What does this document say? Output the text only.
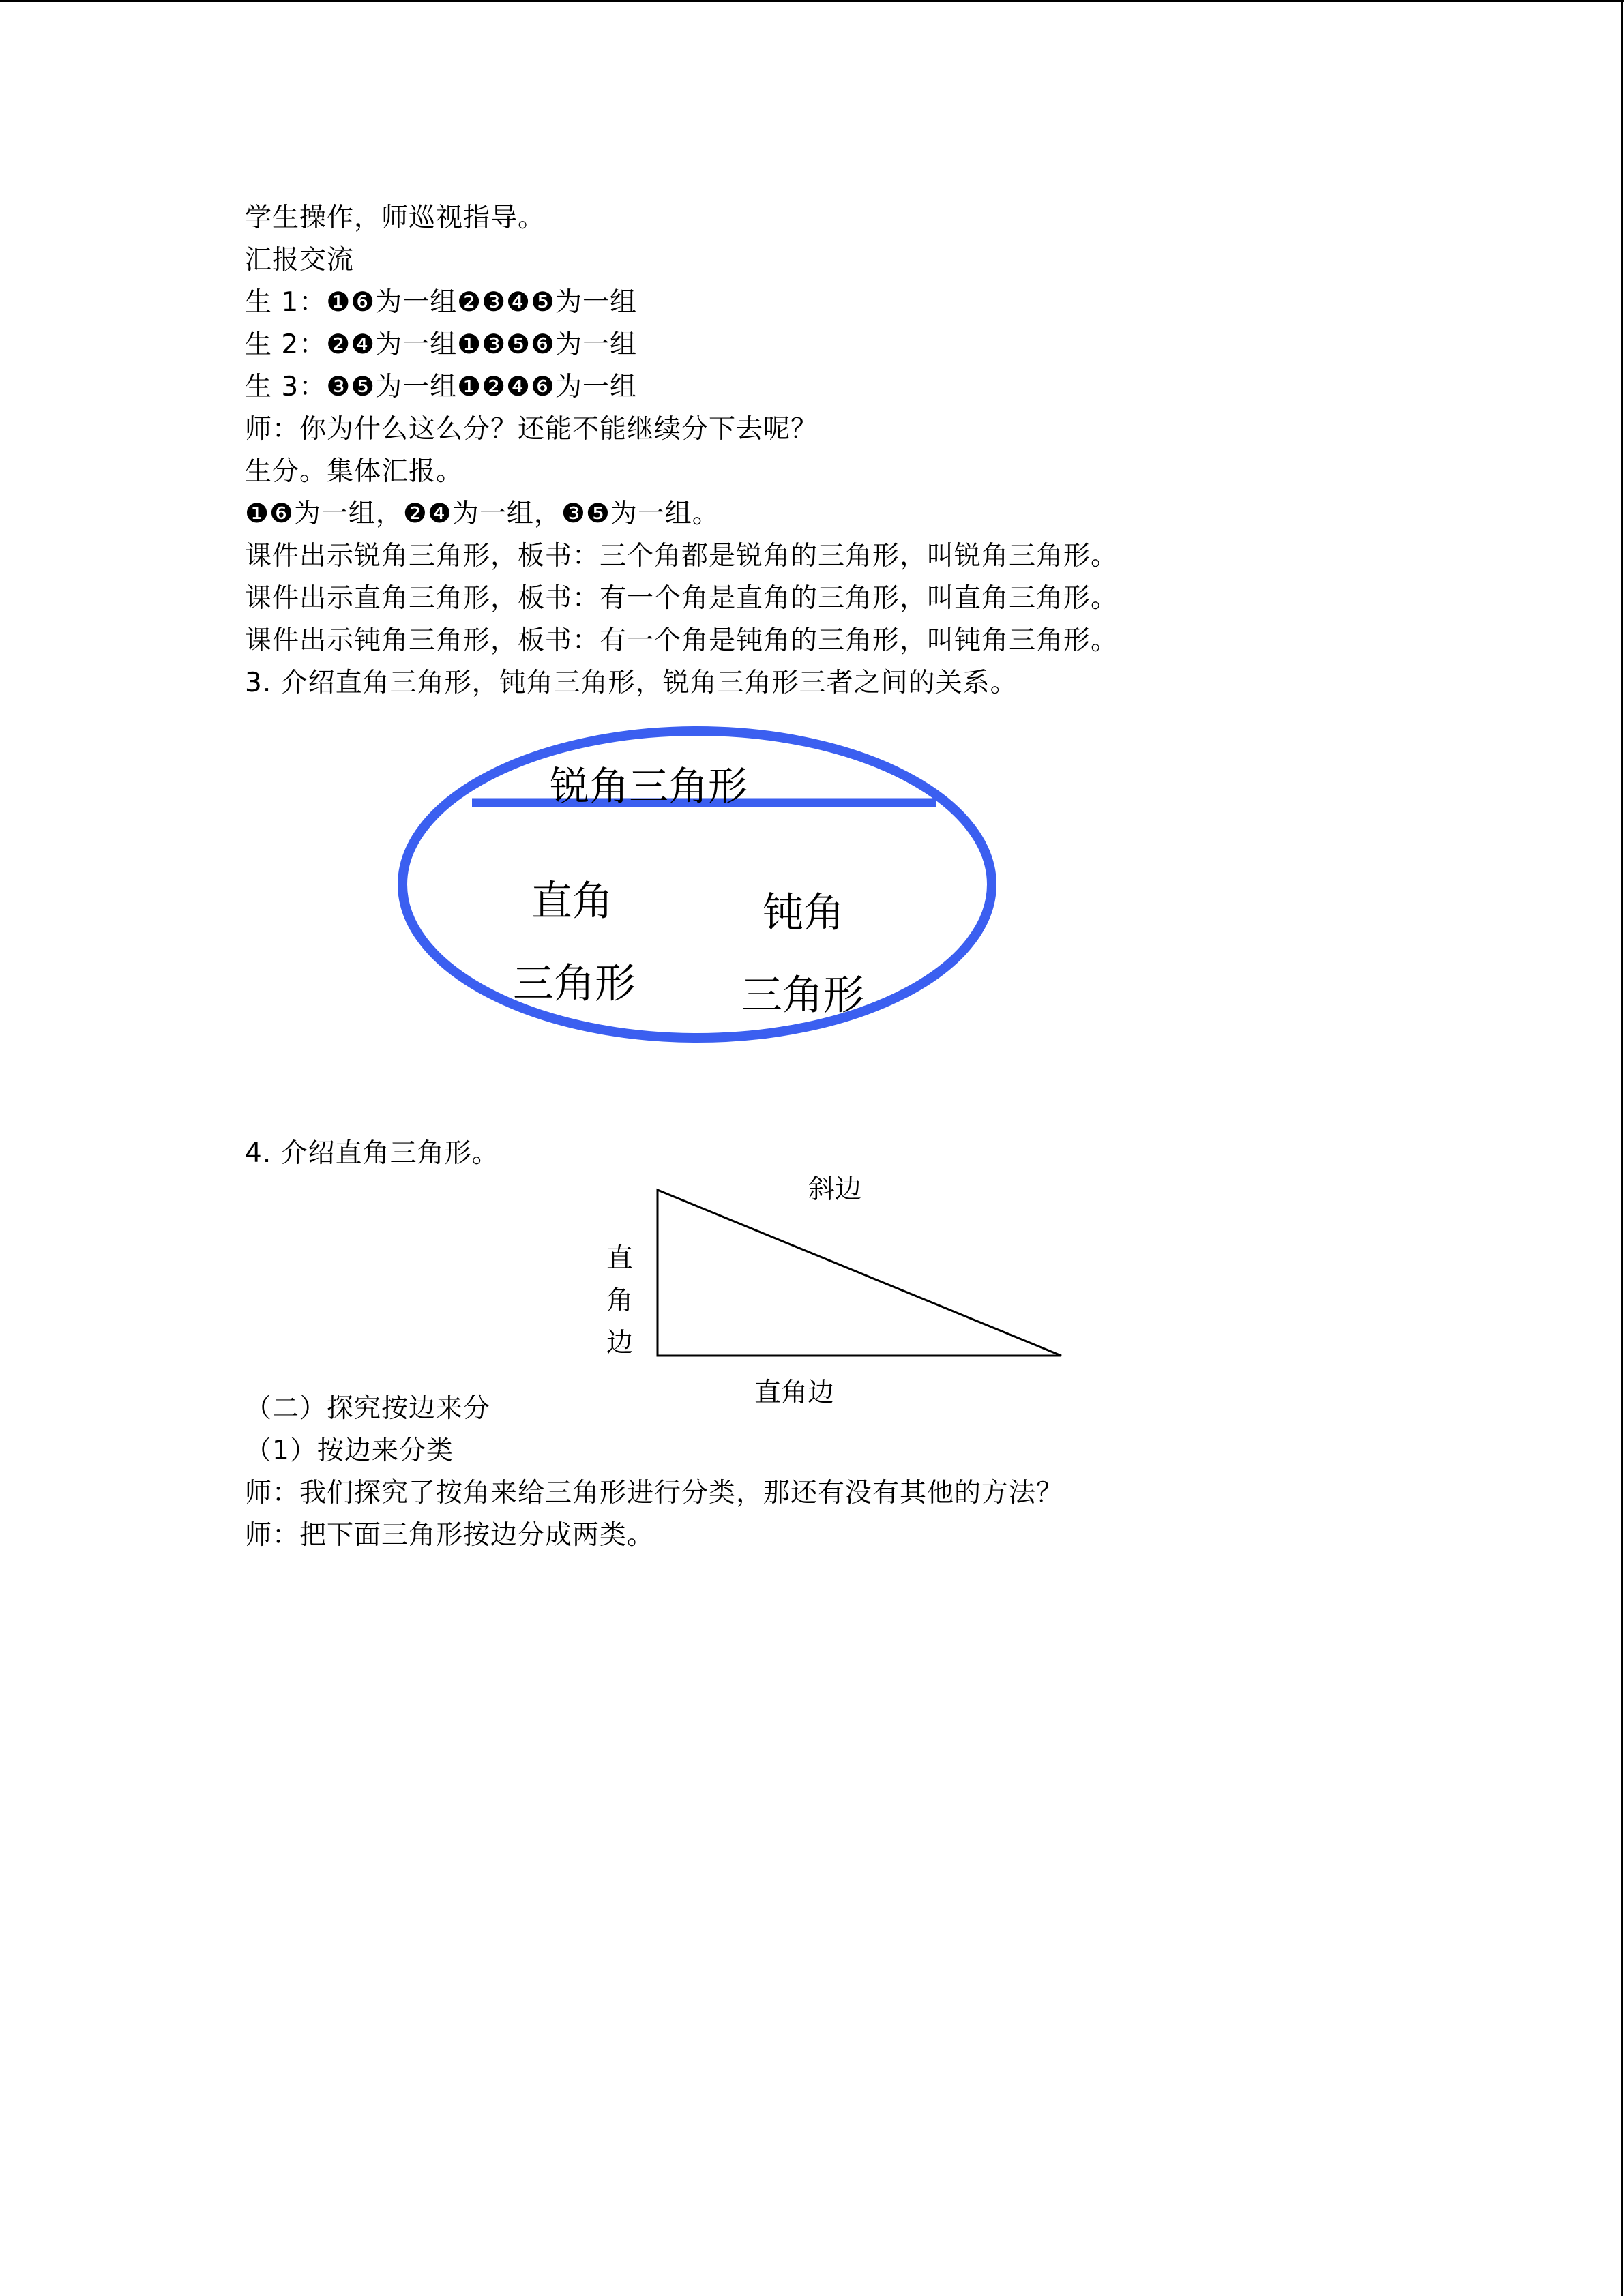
学生操作，师巡视指导。
汇报交流
生 1：❶❻为一组❷❸❹❺为一组
生 2：❷❹为一组❶❸❺❻为一组
生 3：❸❺为一组❶❷❹❻为一组
师：你为什么这么分？还能不能继续分下去呢？
生分。集体汇报。
❶❻为一组，❷❹为一组，❸❺为一组。
课件出示锐角三角形，板书：三个角都是锐角的三角形，叫锐角三角形。
课件出示直角三角形，板书：有一个角是直角的三角形，叫直角三角形。
课件出示钝角三角形，板书：有一个角是钝角的三角形，叫钝角三角形。
3. 介绍直角三角形，钝角三角形，锐角三角形三者之间的关系。
锐角三角形
直角
三角形
钝角
三角形
4. 介绍直角三角形。
斜边
直
角
边
直角边
（二）探究按边来分
（1）按边来分类
师：我们探究了按角来给三角形进行分类，那还有没有其他的方法？
师：把下面三角形按边分成两类。
